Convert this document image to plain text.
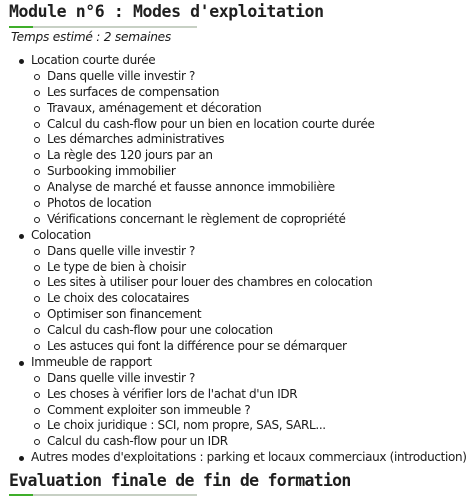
Module n°6 : Modes d'exploitation
Temps estimé : 2 semaines
Location courte durée
Dans quelle ville investir ?
Les surfaces de compensation
Travaux, aménagement et décoration
Calcul du cash-flow pour un bien en location courte durée
Les démarches administratives
La règle des 120 jours par an
Surbooking immobilier
Analyse de marché et fausse annonce immobilière
Photos de location
Vérifications concernant le règlement de copropriété
Colocation
Dans quelle ville investir ?
Le type de bien à choisir
Les sites à utiliser pour louer des chambres en colocation
Le choix des colocataires
Optimiser son financement
Calcul du cash-flow pour une colocation
Les astuces qui font la différence pour se démarquer
Immeuble de rapport
Dans quelle ville investir ?
Les choses à vérifier lors de l'achat d'un IDR
Comment exploiter son immeuble ?
Le choix juridique : SCI, nom propre, SAS, SARL...
Calcul du cash-flow pour un IDR
Autres modes d'exploitations : parking et locaux commerciaux (introduction)
Evaluation finale de fin de formation
